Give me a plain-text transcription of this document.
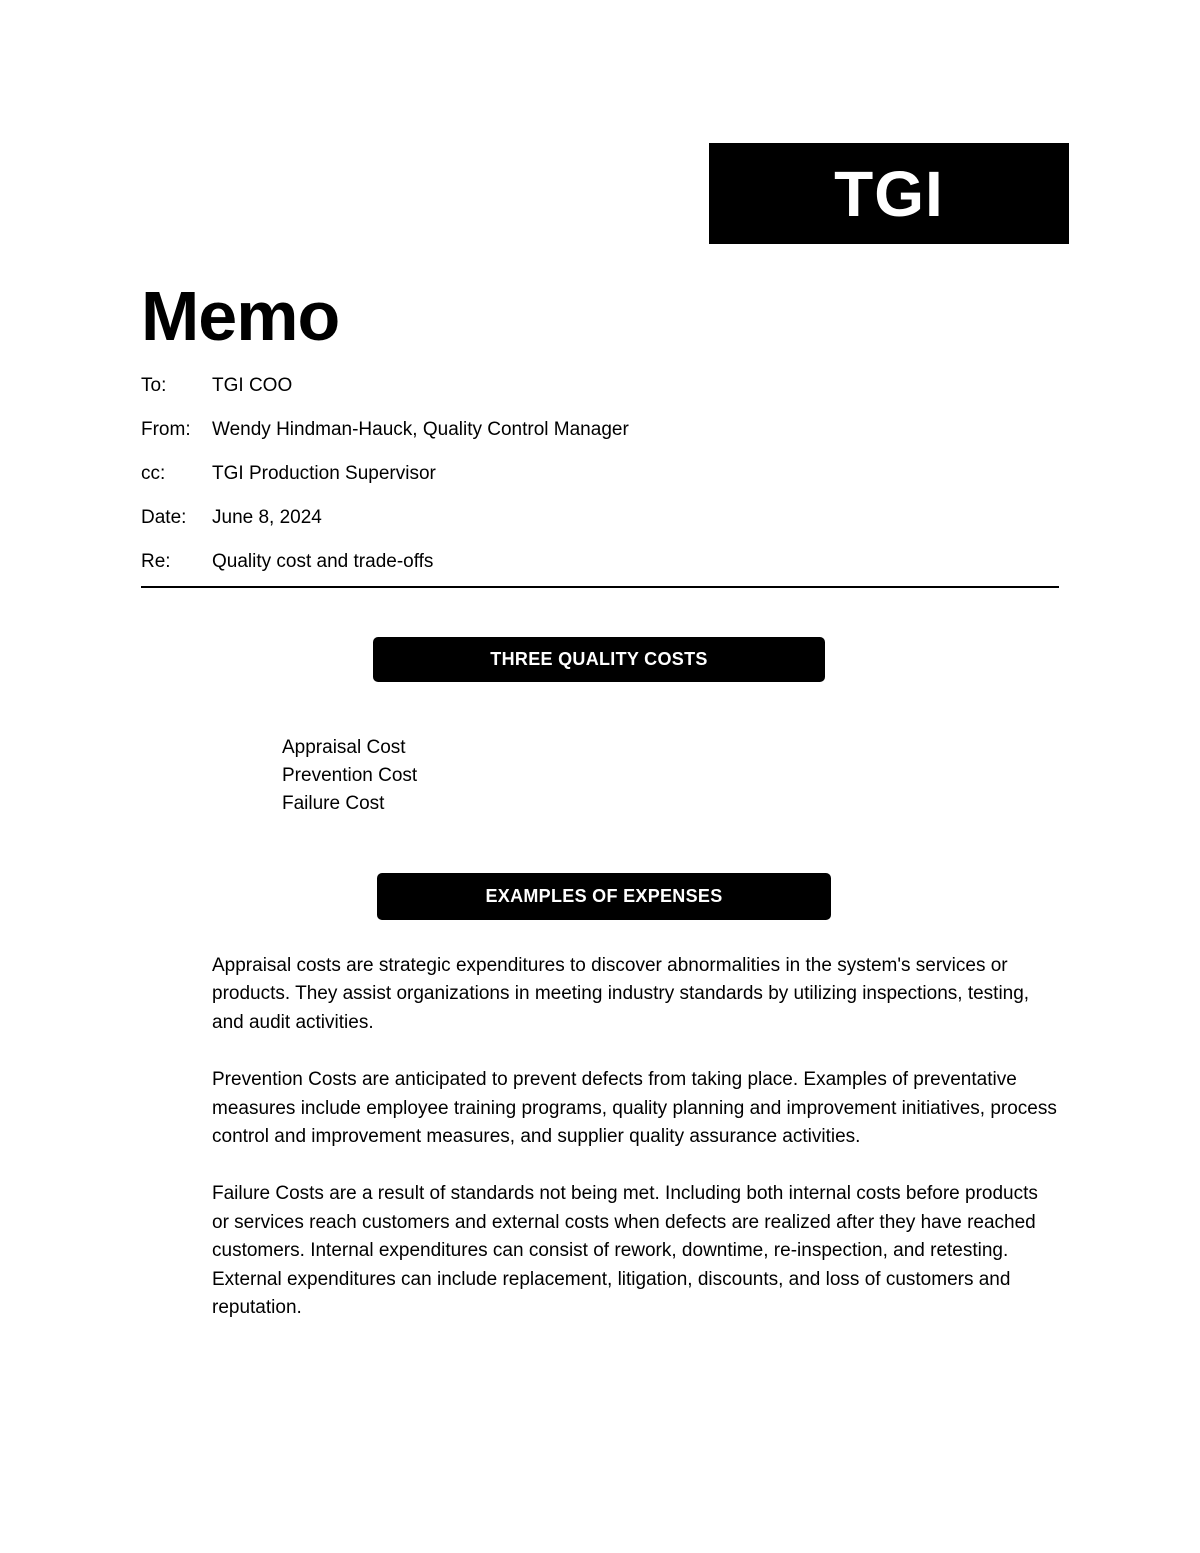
TGI
Memo
To:	TGI COO
From:	Wendy Hindman-Hauck, Quality Control Manager
cc:	TGI Production Supervisor
Date:	June 8, 2024
Re:	Quality cost and trade-offs
THREE QUALITY COSTS
Appraisal Cost
Prevention Cost
Failure Cost
EXAMPLES OF EXPENSES

Appraisal costs are strategic expenditures to discover abnormalities in the system's services or products. They assist organizations in meeting industry standards by utilizing inspections, testing, and audit activities.

Prevention Costs are anticipated to prevent defects from taking place. Examples of preventative measures include employee training programs, quality planning and improvement initiatives, process control and improvement measures, and supplier quality assurance activities.

Failure Costs are a result of standards not being met. Including both internal costs before products or services reach customers and external costs when defects are realized after they have reached customers. Internal expenditures can consist of rework, downtime, re-inspection, and retesting. External expenditures can include replacement, litigation, discounts, and loss of customers and reputation.
